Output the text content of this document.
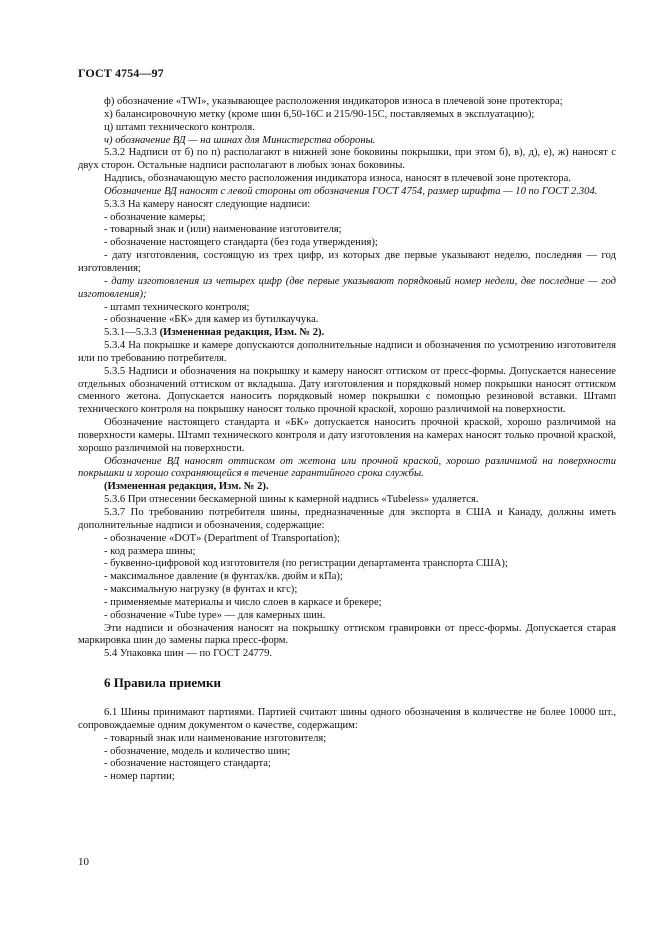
ГОСТ 4754—97

ф) обозначение «TWI», указывающее расположения индикаторов износа в плечевой зоне протектора;

х) балансировочную метку (кроме шин 6,50-16С и 215/90-15С, поставляемых в эксплуатацию);

ц) штамп технического контроля.

ч) обозначение ВД — на шинах для Министерства обороны.

5.3.2 Надписи от б) по п) располагают в нижней зоне боковины покрышки, при этом б), в), д), е), ж) наносят с двух сторон. Остальные надписи располагают в любых зонах боковины.

Надпись, обозначающую место расположения индикатора износа, наносят в плечевой зоне протектора.

Обозначение ВД наносят с левой стороны от обозначения ГОСТ 4754, размер шрифта — 10 по ГОСТ 2.304.

5.3.3 На камеру наносят следующие надписи:

- обозначение камеры;

- товарный знак и (или) наименование изготовителя;

- обозначение настоящего стандарта (без года утверждения);

- дату изготовления, состоящую из трех цифр, из которых две первые указывают неделю, последняя — год изготовления;

- дату изготовления из четырех цифр (две первые указывают порядковый номер недели, две последние — год изготовления);

- штамп технического контроля;

- обозначение «БК» для камер из бутилкаучука.

5.3.1—5.3.3 (Измененная редакция, Изм. № 2).

5.3.4 На покрышке и камере допускаются дополнительные надписи и обозначения по усмотрению изготовителя или по требованию потребителя.

5.3.5 Надписи и обозначения на покрышку и камеру наносят оттиском от пресс-формы. Допускается нанесение отдельных обозначений оттиском от вкладыша. Дату изготовления и порядковый номер покрышки наносят оттиском сменного жетона. Допускается наносить порядковый номер покрышки с помощью резиновой вставки. Штамп технического контроля на покрышку наносят только прочной краской, хорошо различимой на поверхности.

Обозначение настоящего стандарта и «БК» допускается наносить прочной краской, хорошо различимой на поверхности камеры. Штамп технического контроля и дату изготовления на камерах наносят только прочной краской, хорошо различимой на поверхности.

Обозначение ВД наносят оттиском от жетона или прочной краской, хорошо различимой на поверхности покрышки и хорошо сохраняющейся в течение гарантийного срока службы.

(Измененная редакция, Изм. № 2).

5.3.6 При отнесении бескамерной шины к камерной надпись «Tubeless» удаляется.

5.3.7 По требованию потребителя шины, предназначенные для экспорта в США и Канаду, должны иметь дополнительные надписи и обозначения, содержащие:

- обозначение «DOT» (Department of Transportation);

- код размера шины;

- буквенно-цифровой код изготовителя (по регистрации департамента транспорта США);

- максимальное давление (в фунтах/кв. дюйм и кПа);

- максимальную нагрузку (в фунтах и кгс);

- применяемые материалы и число слоев в каркасе и брекере;

- обозначение «Tube type» — для камерных шин.

Эти надписи и обозначения наносят на покрышку оттиском гравировки от пресс-формы. Допускается старая маркировка шин до замены парка пресс-форм.

5.4 Упаковка шин — по ГОСТ 24779.

6 Правила приемки

6.1 Шины принимают партиями. Партией считают шины одного обозначения в количестве не более 10000 шт., сопровождаемые одним документом о качестве, содержащим:

- товарный знак или наименование изготовителя;

- обозначение, модель и количество шин;

- обозначение настоящего стандарта;

- номер партии;

10
